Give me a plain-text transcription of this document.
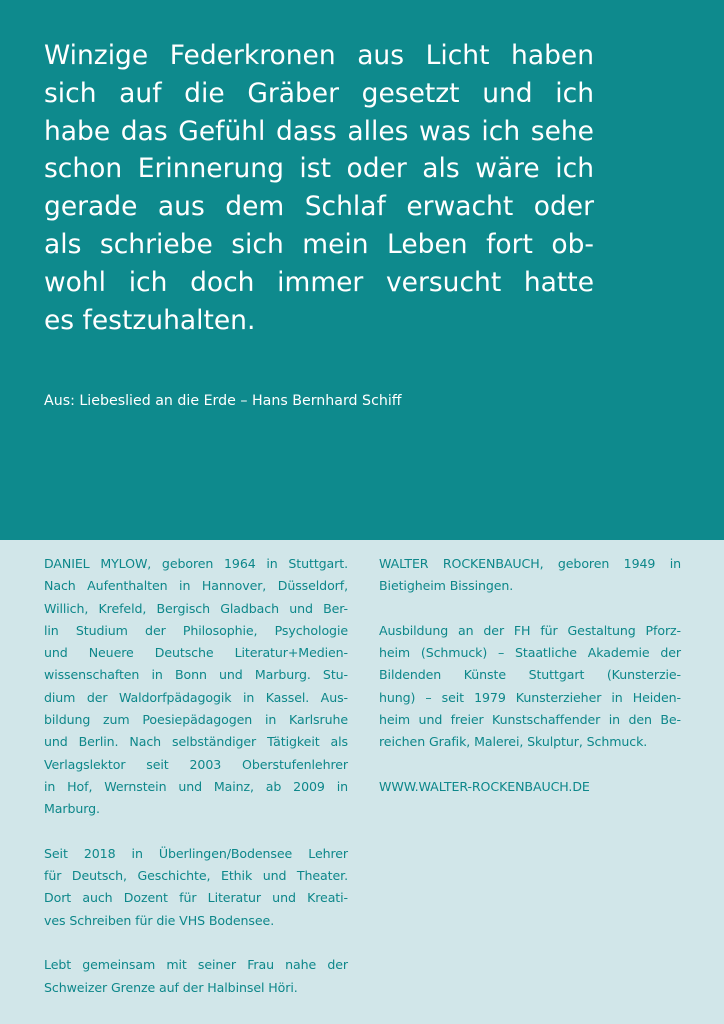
Winzige Federkronen aus Licht haben
sich auf die Gräber gesetzt und ich
habe das Gefühl dass alles was ich sehe
schon Erinnerung ist oder als wäre ich
gerade aus dem Schlaf erwacht oder
als schriebe sich mein Leben fort ob-
wohl ich doch immer versucht hatte
es festzuhalten.
Aus: Liebeslied an die Erde – Hans Bernhard Schiff
DANIEL MYLOW, geboren 1964 in Stuttgart.
Nach Aufenthalten in Hannover, Düsseldorf,
Willich, Krefeld, Bergisch Gladbach und Ber-
lin Studium der Philosophie, Psychologie
und Neuere Deutsche Literatur+Medien-
wissenschaften in Bonn und Marburg. Stu-
dium der Waldorfpädagogik in Kassel. Aus-
bildung zum Poesiepädagogen in Karlsruhe
und Berlin. Nach selbständiger Tätigkeit als
Verlagslektor seit 2003 Oberstufenlehrer
in Hof, Wernstein und Mainz, ab 2009 in
Marburg.
Seit 2018 in Überlingen/Bodensee Lehrer
für Deutsch, Geschichte, Ethik und Theater.
Dort auch Dozent für Literatur und Kreati-
ves Schreiben für die VHS Bodensee.
Lebt gemeinsam mit seiner Frau nahe der
Schweizer Grenze auf der Halbinsel Höri.
WALTER ROCKENBAUCH, geboren 1949 in
Bietigheim Bissingen.
Ausbildung an der FH für Gestaltung Pforz-
heim (Schmuck) – Staatliche Akademie der
Bildenden Künste Stuttgart (Kunsterzie-
hung) – seit 1979 Kunsterzieher in Heiden-
heim und freier Kunstschaffender in den Be-
reichen Grafik, Malerei, Skulptur, Schmuck.
WWW.WALTER-ROCKENBAUCH.DE
